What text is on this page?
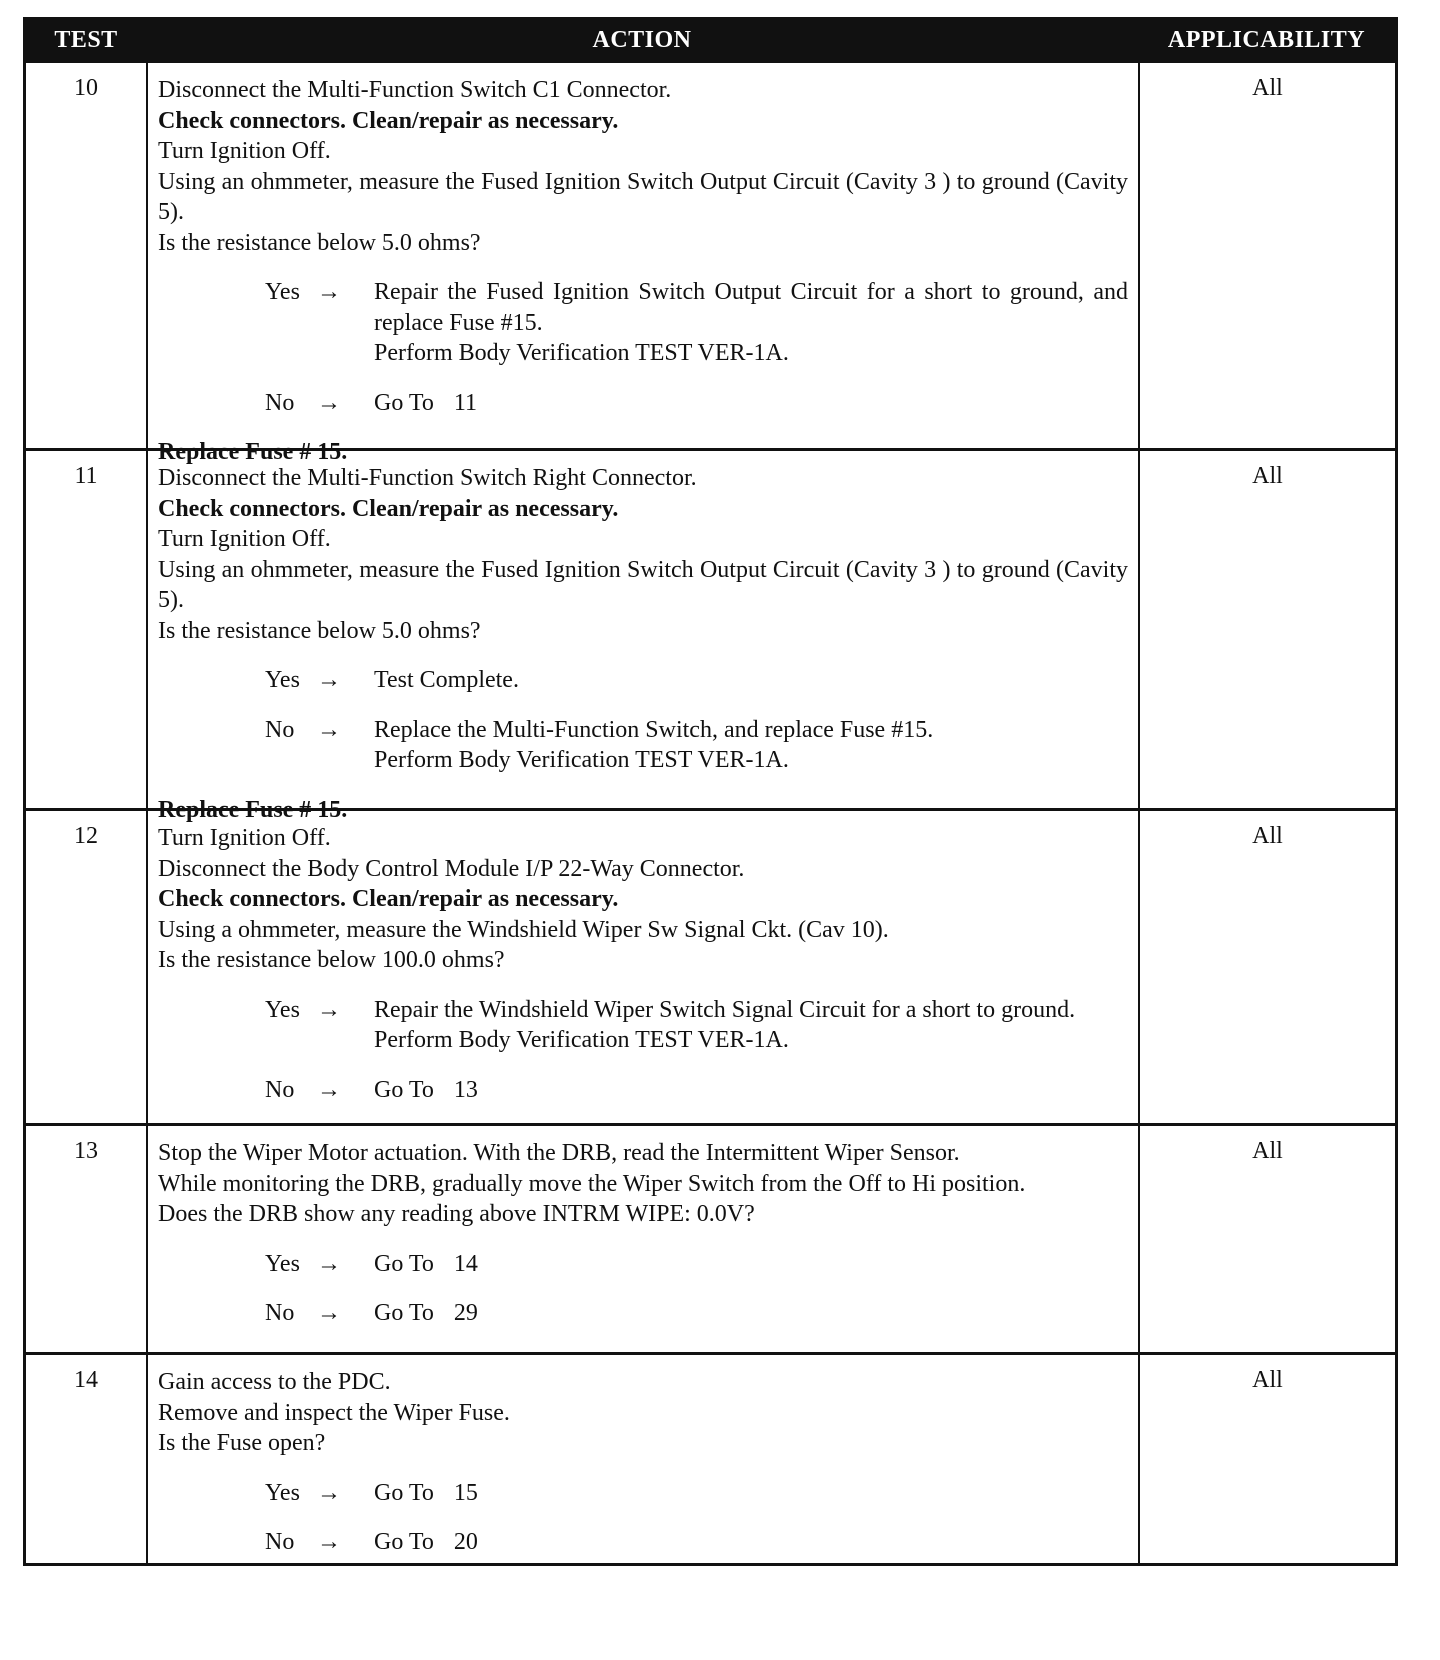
TEST	ACTION	APPLICABILITY
10	Disconnect the Multi-Function Switch C1 Connector.
Check connectors. Clean/repair as necessary.
Turn Ignition Off.
Using an ohmmeter, measure the Fused Ignition Switch Output Circuit (Cavity 3 ) to ground (Cavity 5).
Is the resistance below 5.0 ohms?
Yes →	Repair the Fused Ignition Switch Output Circuit for a short to ground, and replace Fuse #15.
Perform Body Verification TEST VER-1A.
No →	Go To 11
Replace Fuse # 15.
All
11	Disconnect the Multi-Function Switch Right Connector.
Check connectors. Clean/repair as necessary.
Turn Ignition Off.
Using an ohmmeter, measure the Fused Ignition Switch Output Circuit (Cavity 3 ) to ground (Cavity 5).
Is the resistance below 5.0 ohms?
Yes →	Test Complete.
No →	Replace the Multi-Function Switch, and replace Fuse #15.
Perform Body Verification TEST VER-1A.
Replace Fuse # 15.
All
12	Turn Ignition Off.
Disconnect the Body Control Module I/P 22-Way Connector.
Check connectors. Clean/repair as necessary.
Using a ohmmeter, measure the Windshield Wiper Sw Signal Ckt. (Cav 10).
Is the resistance below 100.0 ohms?
Yes →	Repair the Windshield Wiper Switch Signal Circuit for a short to ground.
Perform Body Verification TEST VER-1A.
No →	Go To 13
All
13	Stop the Wiper Motor actuation. With the DRB, read the Intermittent Wiper Sensor.
While monitoring the DRB, gradually move the Wiper Switch from the Off to Hi position.
Does the DRB show any reading above INTRM WIPE: 0.0V?
Yes →	Go To 14
No →	Go To 29
All
14	Gain access to the PDC.
Remove and inspect the Wiper Fuse.
Is the Fuse open?
Yes →	Go To 15
No →	Go To 20
All
